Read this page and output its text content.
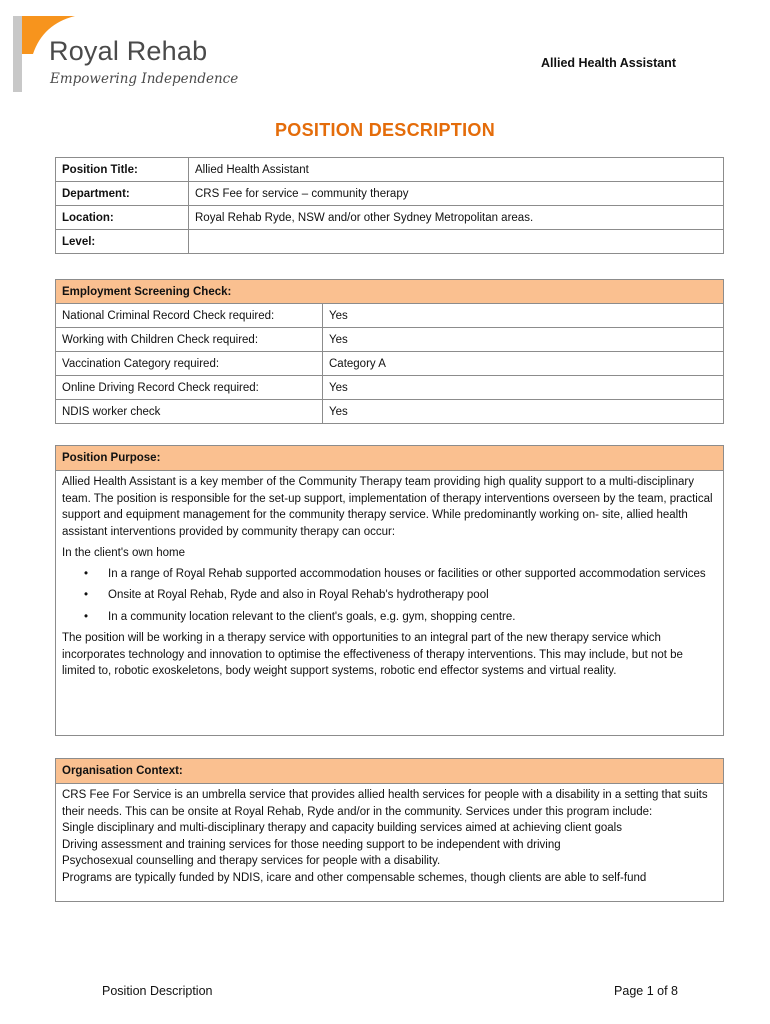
Royal Rehab
Empowering Independence
Allied Health Assistant
POSITION DESCRIPTION
Position Title:	Allied Health Assistant
Department:	CRS Fee for service – community therapy
Location:	Royal Rehab Ryde, NSW and/or other Sydney Metropolitan areas.
Level:	
Employment Screening Check:	
National Criminal Record Check required:	Yes
Working with Children Check required:	Yes
Vaccination Category required:	Category A
Online Driving Record Check required:	Yes
NDIS worker check	Yes
Position Purpose:

Allied Health Assistant is a key member of the Community Therapy team providing high quality support to a multi-disciplinary team. The position is responsible for the set-up support, implementation of therapy interventions overseen by the team, practical support and equipment management for the community therapy service. While predominantly working on- site, allied health assistant interventions provided by community therapy can occur:

In the client's own home

• In a range of Royal Rehab supported accommodation houses or facilities or other supported accommodation services
• Onsite at Royal Rehab, Ryde and also in Royal Rehab's hydrotherapy pool
• In a community location relevant to the client's goals, e.g. gym, shopping centre.

The position will be working in a therapy service with opportunities to an integral part of the new therapy service which incorporates technology and innovation to optimise the effectiveness of therapy interventions. This may include, but not be limited to, robotic exoskeletons, body weight support systems, robotic end effector systems and virtual reality.

Organisation Context:

CRS Fee For Service is an umbrella service that provides allied health services for people with a disability in a setting that suits their needs. This can be onsite at Royal Rehab, Ryde and/or in the community. Services under this program include:

Single disciplinary and multi-disciplinary therapy and capacity building services aimed at achieving client goals

Driving assessment and training services for those needing support to be independent with driving

Psychosexual counselling and therapy services for people with a disability.

Programs are typically funded by NDIS, icare and other compensable schemes, though clients are able to self-fund

Position Description	Page 1 of 8
